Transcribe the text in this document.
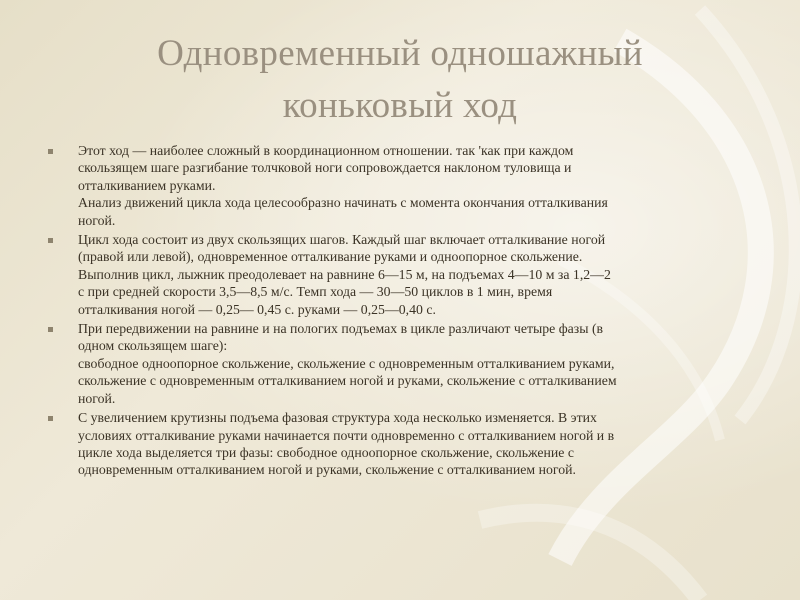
Одновременный одношажный
коньковый ход
Этот ход — наиболее сложный в координационном отношении. так 'как при каждом
скользящем шаге разгибание толчковой ноги сопровождается наклоном туловища и
отталкиванием руками.
Анализ движений цикла хода целесообразно начинать с момента окончания отталкивания
ногой.
Цикл хода состоит из двух скользящих шагов. Каждый шаг включает отталкивание ногой
(правой или левой), одновременное отталкивание руками и одноопорное скольжение.
Выполнив цикл, лыжник преодолевает на равнине 6—15 м, на подъемах 4—10 м за 1,2—2
с при средней скорости 3,5—8,5 м/с. Темп хода — 30—50 циклов в 1 мин, время
отталкивания ногой — 0,25— 0,45 с. руками — 0,25—0,40 с.
При передвижении на равнине и на пологих подъемах в цикле различают четыре фазы (в
одном скользящем шаге):
свободное одноопорное скольжение, скольжение с одновременным отталкиванием руками,
скольжение с одновременным отталкиванием ногой и руками, скольжение с отталкиванием
ногой.
С увеличением крутизны подъема фазовая структура хода несколько изменяется. В этих
условиях отталкивание руками начинается почти одновременно с отталкиванием ногой и в
цикле хода выделяется три фазы: свободное одноопорное скольжение, скольжение с
одновременным отталкиванием ногой и руками, скольжение с отталкиванием ногой.
